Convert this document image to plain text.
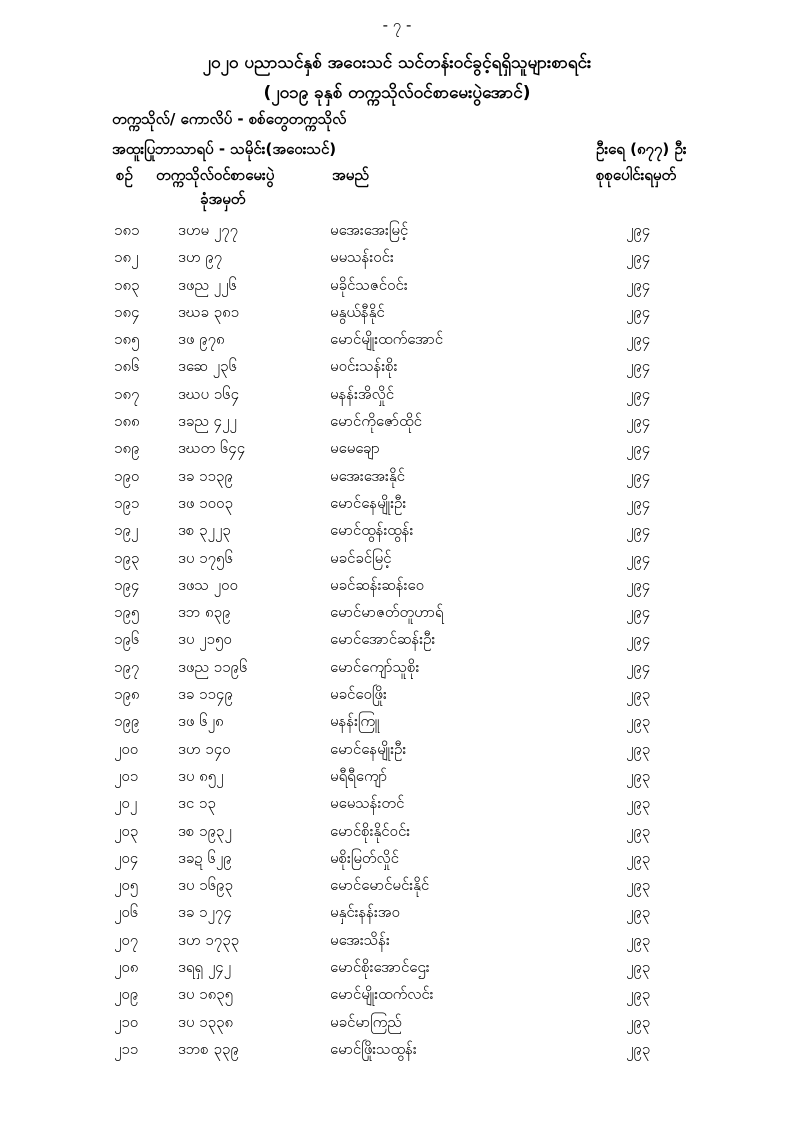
- ၇ -
၂၀၂၀ ပညာသင်နှစ် အဝေးသင် သင်တန်းဝင်ခွင့်ရရှိသူများစာရင်း
(၂၀၁၉ ခုနှစ် တက္ကသိုလ်ဝင်စာမေးပွဲအောင်)
တက္ကသိုလ်/ ကောလိပ် - စစ်တွေတက္ကသိုလ်
အထူးပြုဘာသာရပ် - သမိုင်း(အဝေးသင်)	ဦးရေ (၈၇၇) ဦး
စဉ် တက္ကသိုလ်ဝင်စာမေးပွဲ
ခုံအမှတ်
အမည်	စုစုပေါင်းရမှတ်
၁၈၁	ဒဟမ ၂၇၇	မအေးအေးမြင့်	၂၉၄
၁၈၂	ဒဟ ၉၇	မမသန်းဝင်း	၂၉၄
၁၈၃	ဒဖည ၂၂၆	မခိုင်သဇင်ဝင်း	၂၉၄
၁၈၄	ဒဃခ ၃၈၁	မနွယ်နီနိုင်	၂၉၄
၁၈၅	ဒဖ ၉၇၈	မောင်မျိုးထက်အောင်	၂၉၄
၁၈၆	ဒဆေ ၂၃၆	မဝင်းသန်းစိုး	၂၉၄
၁၈၇	ဒဃပ ၁၆၄	မနန်းအိလှိုင်	၂၉၄
၁၈၈	ဒခည ၄၂၂	မောင်ကိုဇော်ထိုင်	၂၉၄
၁၈၉	ဒဃတ ၆၄၄	မမေချော	၂၉၄
၁၉၀	ဒခ ၁၁၃၉	မအေးအေးနိုင်	၂၉၄
၁၉၁	ဒဖ ၁၀၀၃	မောင်နေမျိုးဦး	၂၉၄
၁၉၂	ဒစ ၃၂၂၃	မောင်ထွန်းထွန်း	၂၉၄
၁၉၃	ဒပ ၁၇၅၆	မခင်ခင်မြင့်	၂၉၄
၁၉၄	ဒဖသ ၂၀၀	မခင်ဆန်းဆန်းဝေ	၂၉၄
၁၉၅	ဒဘ ၈၃၉	မောင်မာဇတ်တူဟာရ်	၂၉၄
၁၉၆	ဒပ ၂၁၅၀	မောင်အောင်ဆန်းဦး	၂၉၄
၁၉၇	ဒဖည ၁၁၉၆	မောင်ကျော်သူစိုး	၂၉၄
၁၉၈	ဒခ ၁၁၄၉	မခင်ဝေဖြိုး	၂၉၃
၁၉၉	ဒဖ ၆၂၈	မနန်းကြူ	၂၉၃
၂၀၀	ဒဟ ၁၄၀	မောင်နေမျိုးဦး	၂၉၃
၂၀၁	ဒပ ၈၅၂	မရီရီကျော်	၂၉၃
၂၀၂	ဒင ၁၃	မမေသန်းတင်	၂၉၃
၂၀၃	ဒစ ၁၉၃၂	မောင်စိုးနိုင်ဝင်း	၂၉၃
၂၀၄	ဒခဍ ၆၂၉	မစိုးမြတ်လှိုင်	၂၉၃
၂၀၅	ဒပ ၁၆၉၃	မောင်မောင်မင်းနိုင်	၂၉၃
၂၀၆	ဒခ ၁၂၇၄	မနှင်းနန်းအဝ	၂၉၃
၂၀၇	ဒဟ ၁၇၃၃	မအေးသိန်း	၂၉၃
၂၀၈	ဒရရှ ၂၄၂	မောင်စိုးအောင်ဌေး	၂၉၃
၂၀၉	ဒပ ၁၈၃၅	မောင်မျိုးထက်လင်း	၂၉၃
၂၁၀	ဒပ ၁၃၃၈	မခင်မာကြည်	၂၉၃
၂၁၁	ဒဘစ ၃၃၉	မောင်ဖြိုးသထွန်း	၂၉၃
